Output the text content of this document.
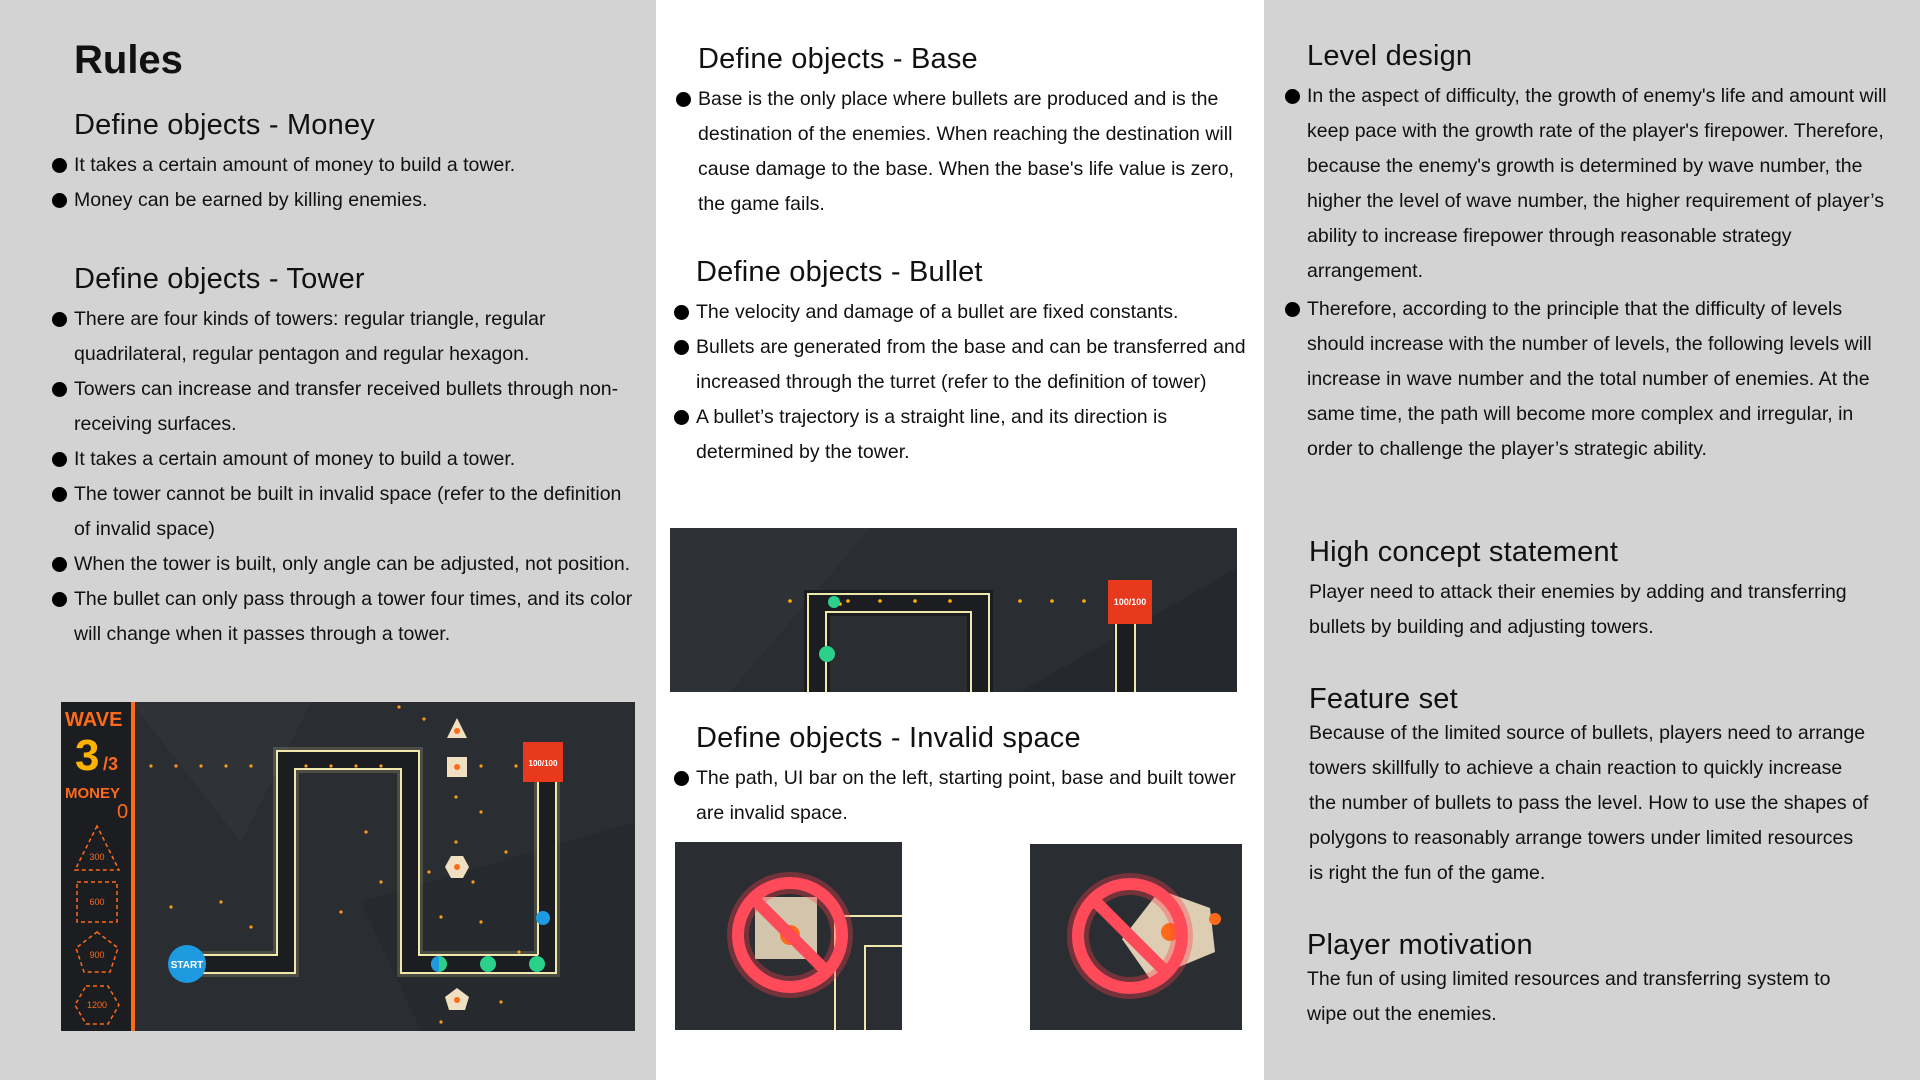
Rules
Define objects - Money
It takes a certain amount of money to build a tower.
Money can be earned by killing enemies.
Define objects - Tower
There are four kinds of towers: regular triangle, regular quadrilateral, regular pentagon and regular hexagon.
Towers can increase and transfer received bullets through non-receiving surfaces.
It takes a certain amount of money to build a tower.
The tower cannot be built in invalid space (refer to the definition of invalid space)
When the tower is built, only angle can be adjusted, not position.
The bullet can only pass through a tower four times, and its color will change when it passes through a tower.
WAVE
3 /3
MONEY
0
300
600
900
1200
100/100
START
Define objects - Base
Base is the only place where bullets are produced and is the destination of the enemies. When reaching the destination will cause damage to the base. When the base's life value is zero, the game fails.
Define objects - Bullet
The velocity and damage of a bullet are fixed constants.
Bullets are generated from the base and can be transferred and increased through the turret (refer to the definition of tower)
A bullet’s trajectory is a straight line, and its direction is determined by the tower.
100/100
Define objects - Invalid space
The path, UI bar on the left, starting point, base and built tower are invalid space.
Level design
In the aspect of difficulty, the growth of enemy's life and amount will keep pace with the growth rate of the player's firepower. Therefore, because the enemy's growth is determined by wave number, the higher the level of wave number, the higher requirement of player’s ability to increase firepower through reasonable strategy arrangement.
Therefore, according to the principle that the difficulty of levels should increase with the number of levels, the following levels will increase in wave number and the total number of enemies. At the same time, the path will become more complex and irregular, in order to challenge the player’s strategic ability.
High concept statement

Player need to attack their enemies by adding and transferring bullets by building and adjusting towers.

Feature set

Because of the limited source of bullets, players need to arrange towers skillfully to achieve a chain reaction to quickly increase the number of bullets to pass the level. How to use the shapes of polygons to reasonably arrange towers under limited resources is right the fun of the game.

Player motivation

The fun of using limited resources and transferring system to wipe out the enemies.
